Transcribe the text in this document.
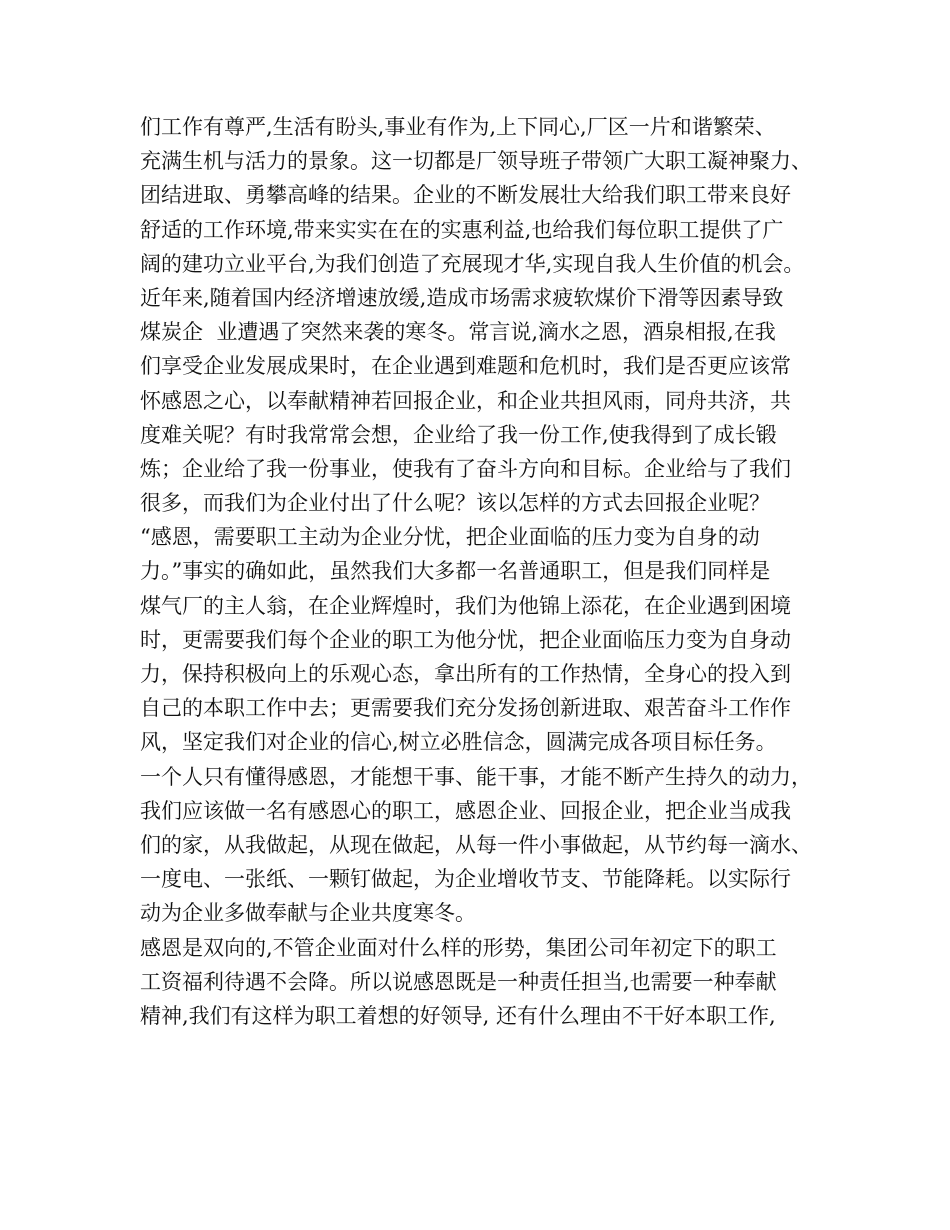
们工作有尊严,生活有盼头,事业有作为,上下同心,厂区一片和谐繁荣、
充满生机与活力的景象。这一切都是厂领导班子带领广大职工凝神聚力、
团结进取、勇攀高峰的结果。企业的不断发展壮大给我们职工带来良好
舒适的工作环境,带来实实在在的实惠利益,也给我们每位职工提供了广
阔的建功立业平台,为我们创造了充展现才华,实现自我人生价值的机会。
近年来,随着国内经济增速放缓,造成市场需求疲软煤价下滑等因素导致
煤炭企  业遭遇了突然来袭的寒冬。常言说,滴水之恩，酒泉相报,在我
们享受企业发展成果时，在企业遇到难题和危机时，我们是否更应该常
怀感恩之心，以奉献精神若回报企业，和企业共担风雨，同舟共济，共
度难关呢？有时我常常会想，企业给了我一份工作,使我得到了成长锻
炼；企业给了我一份事业，使我有了奋斗方向和目标。企业给与了我们
很多，而我们为企业付出了什么呢？该以怎样的方式去回报企业呢？
“感恩，需要职工主动为企业分忧，把企业面临的压力变为自身的动
力。”事实的确如此，虽然我们大多都一名普通职工，但是我们同样是
煤气厂的主人翁，在企业辉煌时，我们为他锦上添花，在企业遇到困境
时，更需要我们每个企业的职工为他分忧，把企业面临压力变为自身动
力，保持积极向上的乐观心态，拿出所有的工作热情，全身心的投入到
自己的本职工作中去；更需要我们充分发扬创新进取、艰苦奋斗工作作
风，坚定我们对企业的信心,树立必胜信念，圆满完成各项目标任务。
一个人只有懂得感恩，才能想干事、能干事，才能不断产生持久的动力，
我们应该做一名有感恩心的职工，感恩企业、回报企业，把企业当成我
们的家，从我做起，从现在做起，从每一件小事做起，从节约每一滴水、
一度电、一张纸、一颗钉做起，为企业增收节支、节能降耗。以实际行
动为企业多做奉献与企业共度寒冬。
感恩是双向的,不管企业面对什么样的形势，集团公司年初定下的职工
工资福利待遇不会降。所以说感恩既是一种责任担当,也需要一种奉献
精神,我们有这样为职工着想的好领导, 还有什么理由不干好本职工作,
